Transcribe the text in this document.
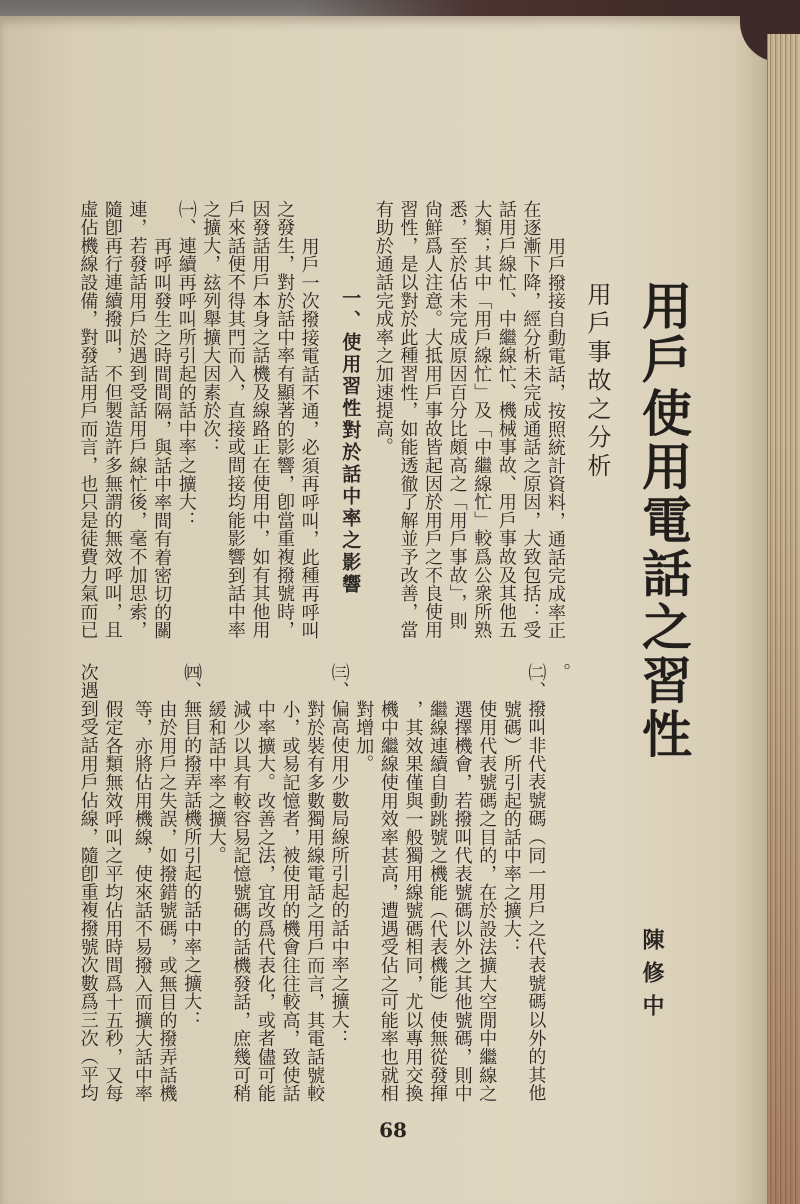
用戶使用電話之習性
用戶事故之分析
陳修中
用戶撥接自動電話，按照統計資料，通話完成率正
在逐漸下降，經分析未完成通話之原因，大致包括：受
話用戶線忙、中繼線忙、機械事故、用戶事故及其他五
大類；其中「用戶線忙」及「中繼線忙」較爲公衆所熟
悉，至於佔未完成原因百分比頗高之「用戶事故」，則
尙鮮爲人注意。大抵用戶事故皆起因於用戶之不良使用
習性，是以對於此種習性，如能透徹了解並予改善，當
有助於通話完成率之加速提高。
一、使用習性對於話中率之影響
用戶一次撥接電話不通，必須再呼叫，此種再呼叫
之發生，對於話中率有顯著的影響，卽當重複撥號時，
因發話用戶本身之話機及線路正在使用中，如有其他用
戶來話便不得其門而入，直接或間接均能影響到話中率
之擴大，玆列舉擴大因素於次：
㈠、連續再呼叫所引起的話中率之擴大：
再呼叫發生之時間間隔，與話中率間有着密切的關
連，若發話用戶於遇到受話用戶線忙後，毫不加思索，
隨卽再行連續撥叫，不但製造許多無謂的無效呼叫，且
虛佔機線設備，對發話用戶而言，也只是徒費力氣而已
。
㈡、撥叫非代表號碼（同一用戶之代表號碼以外的其他
號碼）所引起的話中率之擴大：
使用代表號碼之目的，在於設法擴大空閒中繼線之
選擇機會，若撥叫代表號碼以外之其他號碼，則中
繼線連續自動跳號之機能（代表機能）使無從發揮
，其效果僅與一般獨用線號碼相同，尤以專用交換
機中繼線使用效率甚高，遭遇受佔之可能率也就相
對增加。
㈢、偏高使用少數局線所引起的話中率之擴大：
對於裝有多數獨用線電話之用戶而言，其電話號較
小，或易記憶者，被使用的機會往往較高，致使話
中率擴大。改善之法，宜改爲代表化，或者儘可能
減少以具有較容易記憶號碼的話機發話，庶幾可稍
緩和話中率之擴大。
㈣、無目的撥弄話機所引起的話中率之擴大：
由於用戶之失誤，如撥錯號碼，或無目的撥弄話機
等，亦將佔用機線，使來話不易撥入而擴大話中率
假定各類無效呼叫之平均佔用時間爲十五秒，又每
次遇到受話用戶佔線，隨卽重複撥號次數爲三次（平均
68
